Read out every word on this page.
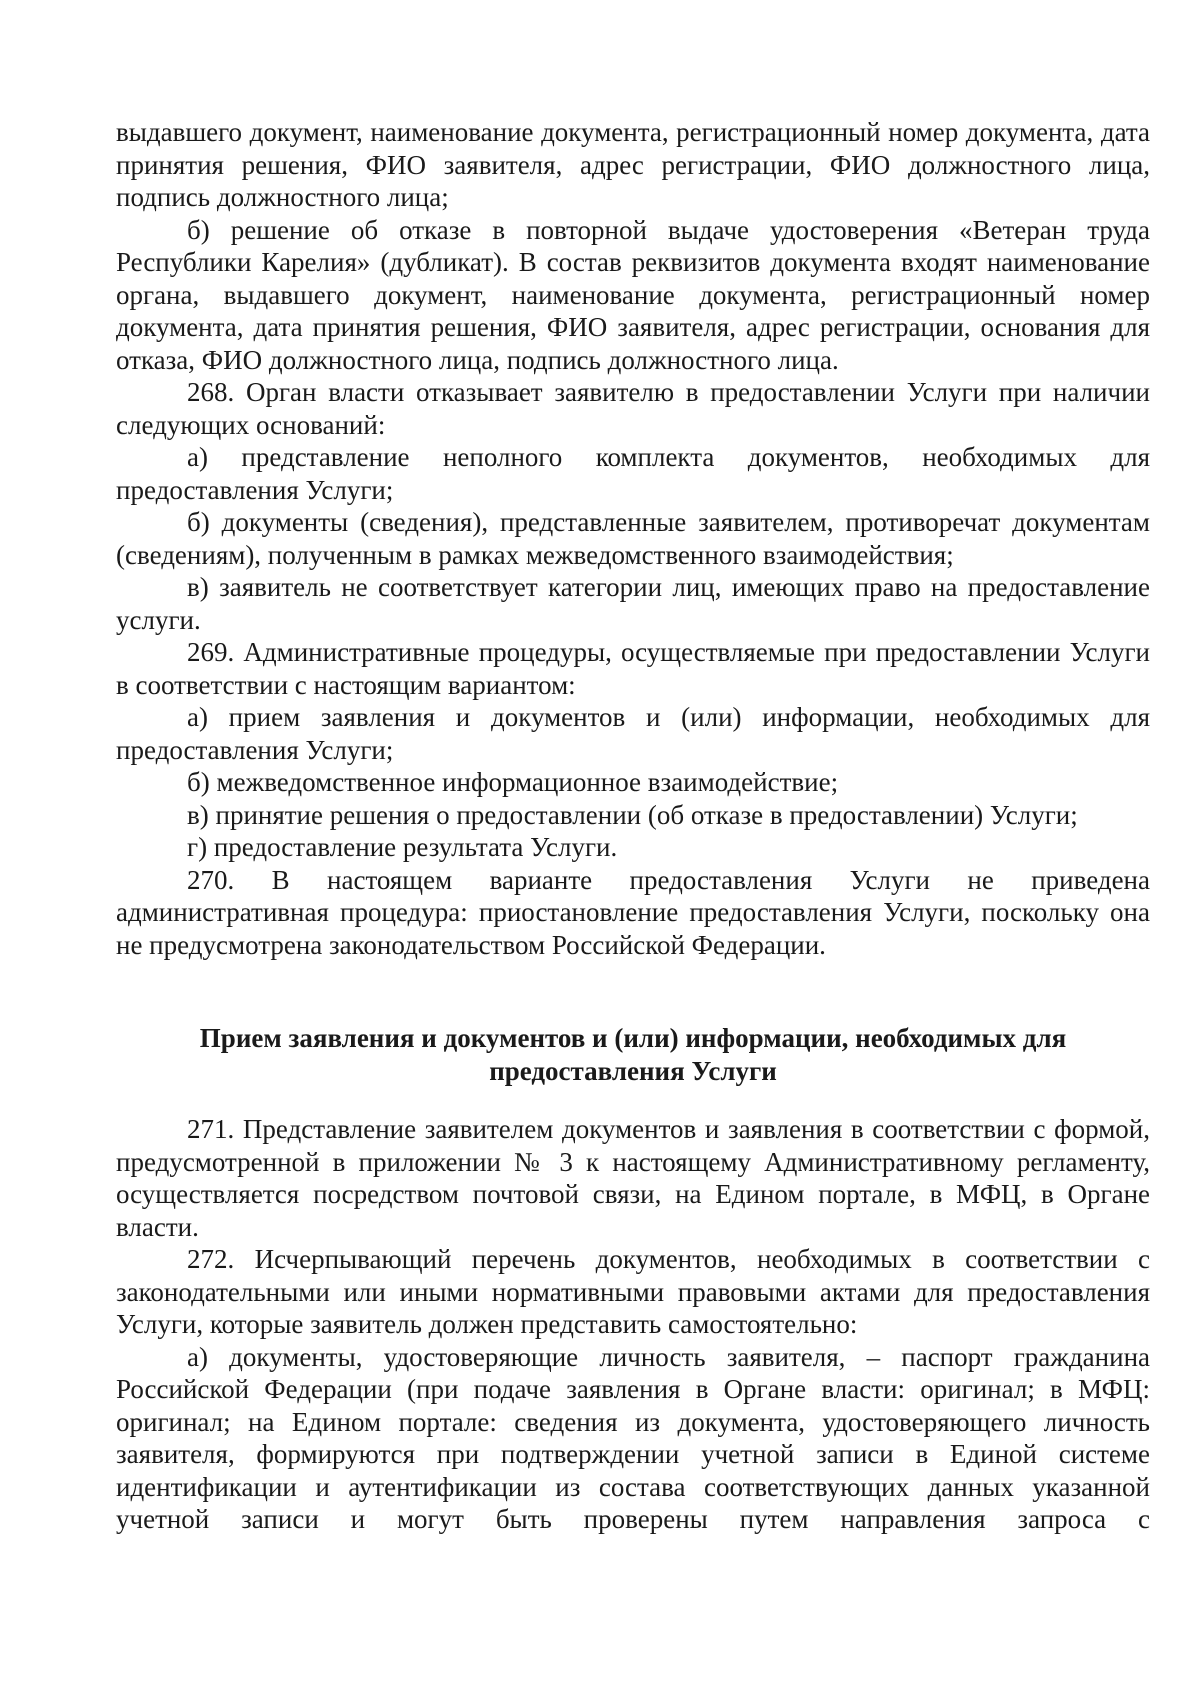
выдавшего документ, наименование документа, регистрационный номер документа, дата принятия решения, ФИО заявителя, адрес регистрации, ФИО должностного лица, подпись должностного лица;

б) решение об отказе в повторной выдаче удостоверения «Ветеран труда Республики Карелия» (дубликат). В состав реквизитов документа входят наименование органа, выдавшего документ, наименование документа, регистрационный номер документа, дата принятия решения, ФИО заявителя, адрес регистрации, основания для отказа, ФИО должностного лица, подпись должностного лица.

268. Орган власти отказывает заявителю в предоставлении Услуги при наличии следующих оснований:

а) представление неполного комплекта документов, необходимых для предоставления Услуги;

б) документы (сведения), представленные заявителем, противоречат документам (сведениям), полученным в рамках межведомственного взаимодействия;

в) заявитель не соответствует категории лиц, имеющих право на предоставление услуги.

269. Административные процедуры, осуществляемые при предоставлении Услуги в соответствии с настоящим вариантом:

а) прием заявления и документов и (или) информации, необходимых для предоставления Услуги;

б) межведомственное информационное взаимодействие;

в) принятие решения о предоставлении (об отказе в предоставлении) Услуги;

г) предоставление результата Услуги.

270. В настоящем варианте предоставления Услуги не приведена административная процедура: приостановление предоставления Услуги, поскольку она не предусмотрена законодательством Российской Федерации.

Прием заявления и документов и (или) информации, необходимых для предоставления Услуги

271. Представление заявителем документов и заявления в соответствии с формой, предусмотренной в приложении № 3 к настоящему Административному регламенту, осуществляется посредством почтовой связи, на Едином портале, в МФЦ, в Органе власти.

272. Исчерпывающий перечень документов, необходимых в соответствии с законодательными или иными нормативными правовыми актами для предоставления Услуги, которые заявитель должен представить самостоятельно:

а) документы, удостоверяющие личность заявителя, – паспорт гражданина Российской Федерации (при подаче заявления в Органе власти: оригинал; в МФЦ: оригинал; на Едином портале: сведения из документа, удостоверяющего личность заявителя, формируются при подтверждении учетной записи в Единой системе идентификации и аутентификации из состава соответствующих данных указанной учетной записи и могут быть проверены путем направления запроса с
